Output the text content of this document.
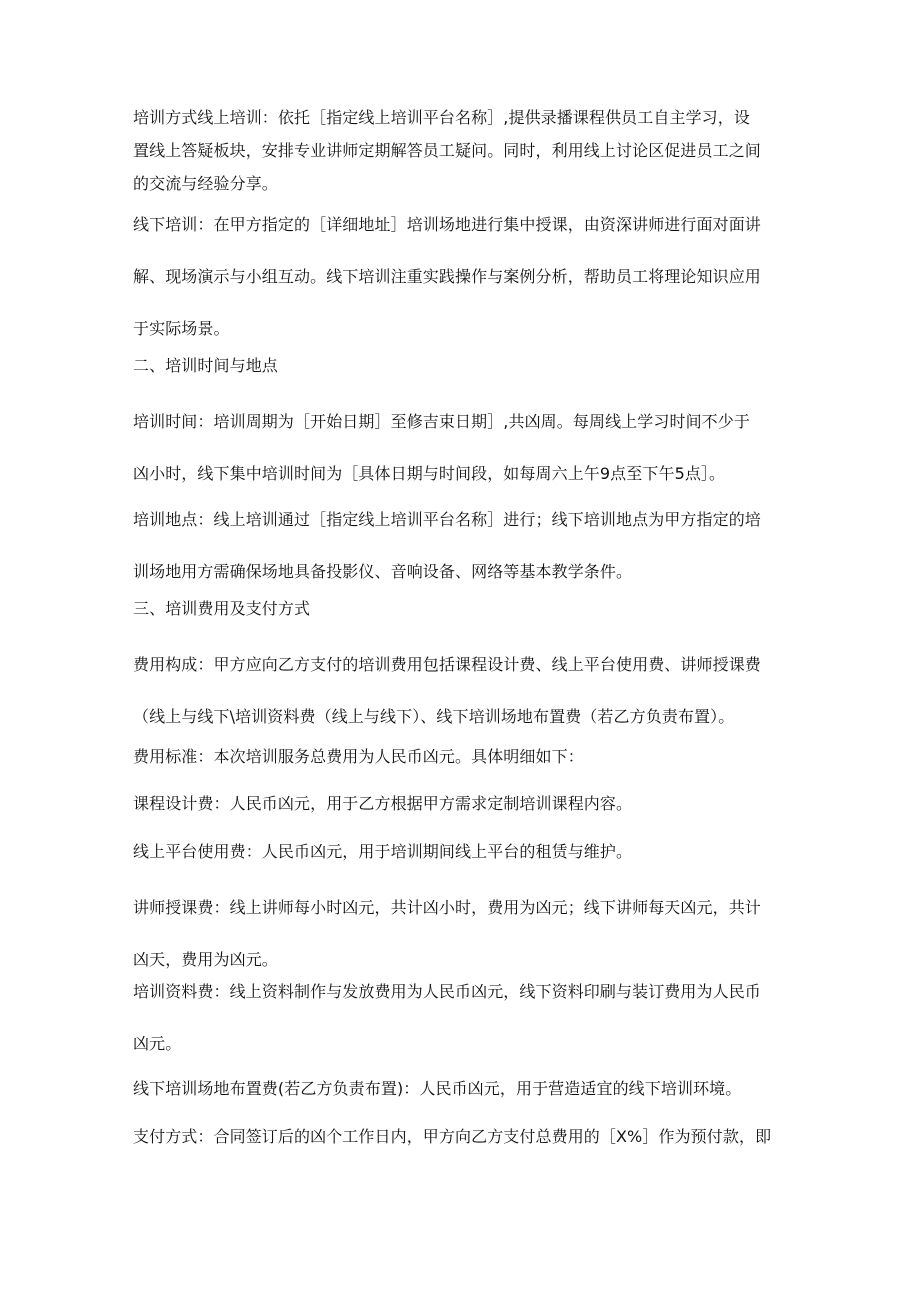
培训方式线上培训：依托［指定线上培训平台名称］,提供录播课程供员工自主学习，设
置线上答疑板块，安排专业讲师定期解答员工疑问。同时，利用线上讨论区促进员工之间
的交流与经验分享。
线下培训：在甲方指定的［详细地址］培训场地进行集中授课，由资深讲师进行面对面讲
解、现场演示与小组互动。线下培训注重实践操作与案例分析，帮助员工将理论知识应用
于实际场景。
二、培训时间与地点
培训时间：培训周期为［开始日期］至修吉束日期］,共凶周。每周线上学习时间不少于
凶小时，线下集中培训时间为［具体日期与时间段，如每周六上午9点至下午5点］。
培训地点：线上培训通过［指定线上培训平台名称］进行；线下培训地点为甲方指定的培
训场地用方需确保场地具备投影仪、音响设备、网络等基本教学条件。
三、培训费用及支付方式
费用构成：甲方应向乙方支付的培训费用包括课程设计费、线上平台使用费、讲师授课费
（线上与线下\培训资料费（线上与线下）、线下培训场地布置费（若乙方负责布置）。
费用标准：本次培训服务总费用为人民币凶元。具体明细如下：
课程设计费：人民币凶元，用于乙方根据甲方需求定制培训课程内容。
线上平台使用费：人民币凶元，用于培训期间线上平台的租赁与维护。
讲师授课费：线上讲师每小时凶元，共计凶小时，费用为凶元；线下讲师每天凶元，共计
凶天，费用为凶元。
培训资料费：线上资料制作与发放费用为人民币凶元，线下资料印刷与装订费用为人民币
凶元。
线下培训场地布置费(若乙方负责布置)：人民币凶元，用于营造适宜的线下培训环境。
支付方式：合同签订后的凶个工作日内，甲方向乙方支付总费用的［X%］作为预付款，即
